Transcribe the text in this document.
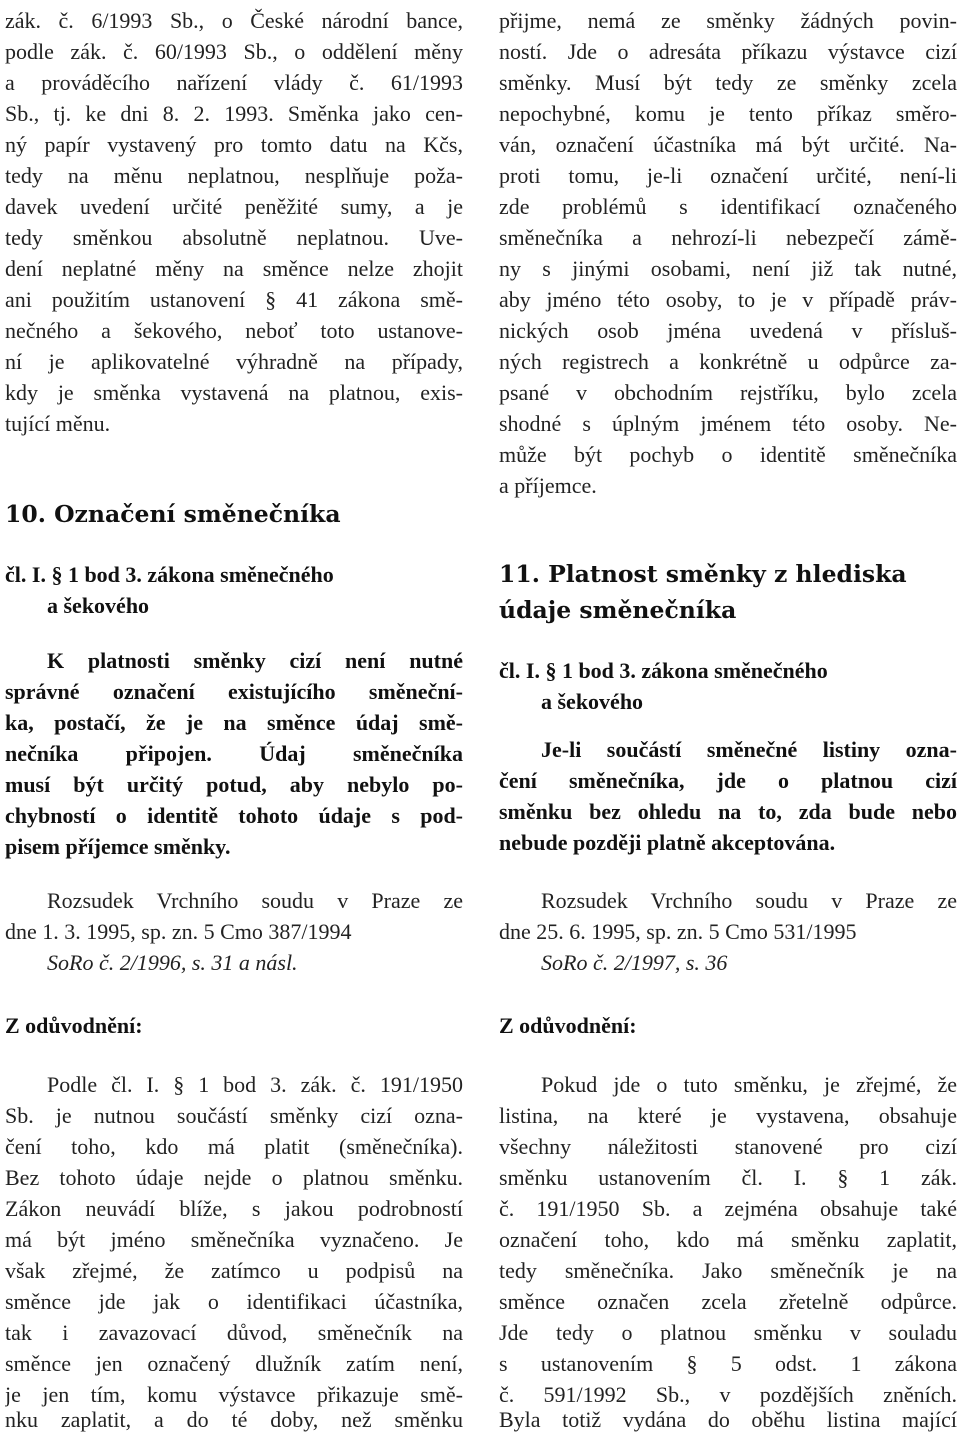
zák. č. 6/1993 Sb., o České národní bance,
podle zák. č. 60/1993 Sb., o oddělení měny
a prováděcího nařízení vlády č. 61/1993
Sb., tj. ke dni 8. 2. 1993. Směnka jako cen-
ný papír vystavený pro tomto datu na Kčs,
tedy na měnu neplatnou, nesplňuje poža-
davek uvedení určité peněžité sumy, a je
tedy směnkou absolutně neplatnou. Uve-
dení neplatné měny na směnce nelze zhojit
ani použitím ustanovení § 41 zákona smě-
nečného a šekového, neboť toto ustanove-
ní je aplikovatelné výhradně na případy,
kdy je směnka vystavená na platnou, exis-
tující měnu.
10. Označení směnečníka
čl. I. § 1 bod 3. zákona směnečného
a šekového
K platnosti směnky cizí není nutné
správné označení existujícího směneční-
ka, postačí, že je na směnce údaj smě-
nečníka připojen. Údaj směnečníka
musí být určitý potud, aby nebylo po-
chybností o identitě tohoto údaje s pod-
pisem příjemce směnky.
Rozsudek Vrchního soudu v Praze ze
dne 1. 3. 1995, sp. zn. 5 Cmo 387/1994
SoRo č. 2/1996, s. 31 a násl.
Z odůvodnění:
Podle čl. I. § 1 bod 3. zák. č. 191/1950
Sb. je nutnou součástí směnky cizí ozna-
čení toho, kdo má platit (směnečníka).
Bez tohoto údaje nejde o platnou směnku.
Zákon neuvádí blíže, s jakou podrobností
má být jméno směnečníka vyznačeno. Je
však zřejmé, že zatímco u podpisů na
směnce jde jak o identifikaci účastníka,
tak i zavazovací důvod, směnečník na
směnce jen označený dlužník zatím není,
je jen tím, komu výstavce přikazuje smě-
nku zaplatit, a do té doby, než směnku
přijme, nemá ze směnky žádných povin-
ností. Jde o adresáta příkazu výstavce cizí
směnky. Musí být tedy ze směnky zcela
nepochybné, komu je tento příkaz směro-
ván, označení účastníka má být určité. Na-
proti tomu, je-li označení určité, není-li
zde problémů s identifikací označeného
směnečníka a nehrozí-li nebezpečí zámě-
ny s jinými osobami, není již tak nutné,
aby jméno této osoby, to je v případě práv-
nických osob jména uvedená v přísluš-
ných registrech a konkrétně u odpůrce za-
psané v obchodním rejstříku, bylo zcela
shodné s úplným jménem této osoby. Ne-
může být pochyb o identitě směnečníka
a příjemce.
11. Platnost směnky z hlediska
údaje směnečníka
čl. I. § 1 bod 3. zákona směnečného
a šekového
Je-li součástí směnečné listiny ozna-
čení směnečníka, jde o platnou cizí
směnku bez ohledu na to, zda bude nebo
nebude později platně akceptována.
Rozsudek Vrchního soudu v Praze ze
dne 25. 6. 1995, sp. zn. 5 Cmo 531/1995
SoRo č. 2/1997, s. 36
Z odůvodnění:
Pokud jde o tuto směnku, je zřejmé, že
listina, na které je vystavena, obsahuje
všechny náležitosti stanovené pro cizí
směnku ustanovením čl. I. § 1 zák.
č. 191/1950 Sb. a zejména obsahuje také
označení toho, kdo má směnku zaplatit,
tedy směnečníka. Jako směnečník je na
směnce označen zcela zřetelně odpůrce.
Jde tedy o platnou směnku v souladu
s ustanovením § 5 odst. 1 zákona
č. 591/1992 Sb., v pozdějších zněních.
Byla totiž vydána do oběhu listina mající
